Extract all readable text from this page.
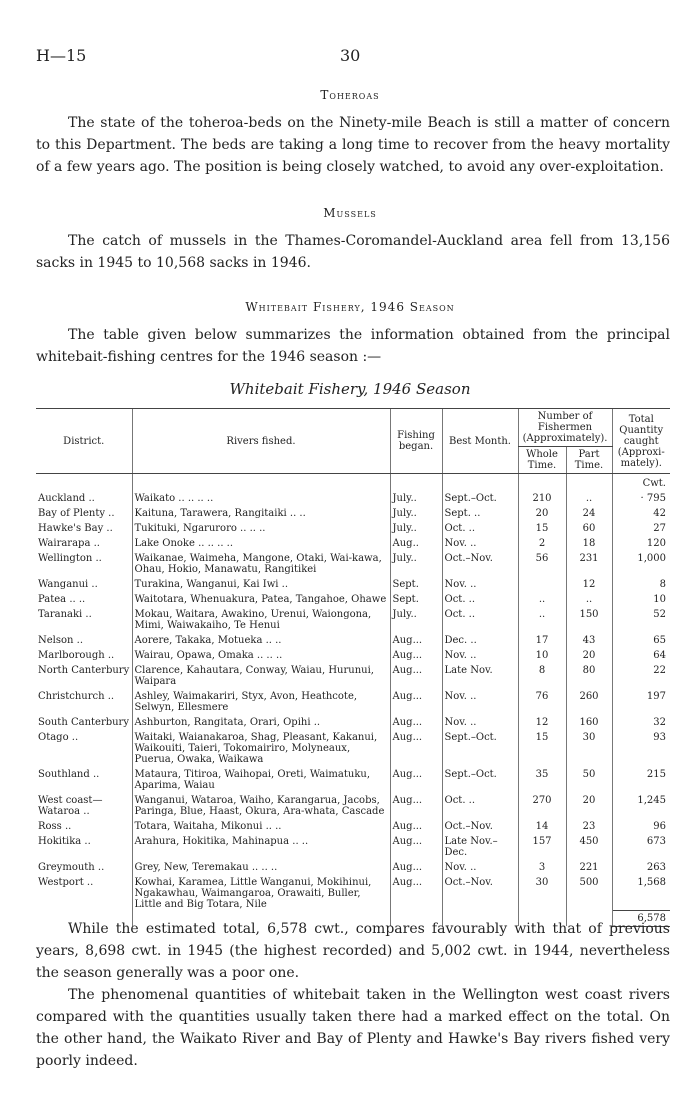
H—15	30
Toheroas

The state of the toheroa-beds on the Ninety-mile Beach is still a matter of concern to this Department. The beds are taking a long time to recover from the heavy mortality of a few years ago. The position is being closely watched, to avoid any over-exploitation.

Mussels

The catch of mussels in the Thames-Coromandel-Auckland area fell from 13,156 sacks in 1945 to 10,568 sacks in 1946.

Whitebait Fishery, 1946 Season

The table given below summarizes the information obtained from the principal whitebait-fishing centres for the 1946 season :—

Whitebait Fishery, 1946 Season
District.	Rivers fished.	Fishing began.	Best Month.	Number of Fishermen (Approximately).		Total Quantity caught (Approxi-mately).
				Whole Time.	Part Time.	
						Cwt.
Auckland ..	Waikato .. .. .. ..	July..	Sept.–Oct.	210	..	· 795
Bay of Plenty ..	Kaituna, Tarawera, Rangitaiki .. ..	July..	Sept. ..	20	24	42
Hawke's Bay ..	Tukituki, Ngaruroro .. .. ..	July..	Oct. ..	15	60	27
Wairarapa ..	Lake Onoke .. .. .. ..	Aug..	Nov. ..	2	18	120
Wellington ..	Waikanae, Waimeha, Mangone, Otaki, Wai-kawa, Ohau, Hokio, Manawatu, Rangitikei	July..	Oct.–Nov.	56	231	1,000
Wanganui ..	Turakina, Wanganui, Kai Iwi ..	Sept.	Nov. ..		12	8
Patea .. ..	Waitotara, Whenuakura, Patea, Tangahoe, Ohawe	Sept.	Oct. ..	..	..	10
Taranaki ..	Mokau, Waitara, Awakino, Urenui, Waiongona, Mimi, Waiwakaiho, Te Henui	July..	Oct. ..	..	150	52
Nelson ..	Aorere, Takaka, Motueka .. ..	Aug...	Dec. ..	17	43	65
Marlborough ..	Wairau, Opawa, Omaka .. .. ..	Aug...	Nov. ..	10	20	64
North Canterbury	Clarence, Kahautara, Conway, Waiau, Hurunui, Waipara	Aug...	Late Nov.	8	80	22
Christchurch ..	Ashley, Waimakariri, Styx, Avon, Heathcote, Selwyn, Ellesmere	Aug...	Nov. ..	76	260	197
South Canterbury	Ashburton, Rangitata, Orari, Opihi ..	Aug...	Nov. ..	12	160	32
Otago ..	Waitaki, Waianakaroa, Shag, Pleasant, Kakanui, Waikouiti, Taieri, Tokomairiro, Molyneaux, Puerua, Owaka, Waikawa	Aug...	Sept.–Oct.	15	30	93
Southland ..	Mataura, Titiroa, Waihopai, Oreti, Waimatuku, Aparima, Waiau	Aug...	Sept.–Oct.	35	50	215
West coast— Wataroa ..	Wanganui, Wataroa, Waiho, Karangarua, Jacobs, Paringa, Blue, Haast, Okura, Ara-whata, Cascade	Aug...	Oct. ..	270	20	1,245
Ross ..	Totara, Waitaha, Mikonui .. ..	Aug...	Oct.–Nov.	14	23	96
Hokitika ..	Arahura, Hokitika, Mahinapua .. ..	Aug...	Late Nov.– Dec.	157	450	673
Greymouth ..	Grey, New, Teremakau .. .. ..	Aug...	Nov. ..	3	221	263
Westport ..	Kowhai, Karamea, Little Wanganui, Mokihinui, Ngakawhau, Waimangaroa, Orawaiti, Buller, Little and Big Totara, Nile	Aug...	Oct.–Nov.	30	500	1,568
						6,578

While the estimated total, 6,578 cwt., compares favourably with that of previous years, 8,698 cwt. in 1945 (the highest recorded) and 5,002 cwt. in 1944, nevertheless the season generally was a poor one.

The phenomenal quantities of whitebait taken in the Wellington west coast rivers compared with the quantities usually taken there had a marked effect on the total. On the other hand, the Waikato River and Bay of Plenty and Hawke's Bay rivers fished very poorly indeed.
